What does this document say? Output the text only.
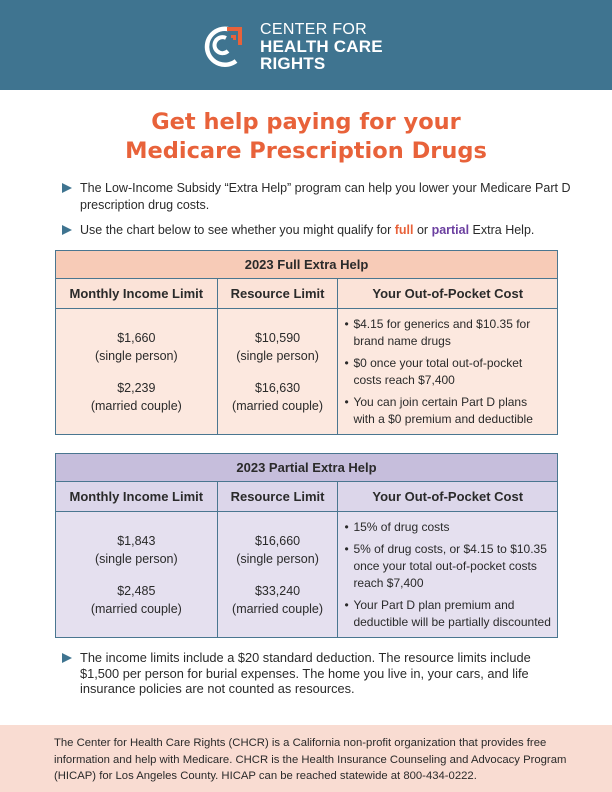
CENTER FOR
HEALTH CARE
RIGHTS
Get help paying for your
Medicare Prescription Drugs
The Low-Income Subsidy “Extra Help” program can help you lower your Medicare Part D prescription drug costs.
Use the chart below to see whether you might qualify for full or partial Extra Help.
2023 Full Extra Help		
Monthly Income Limit	Resource Limit	Your Out-of-Pocket Cost

$1,660
(single person)
$2,239
(married couple)

$10,590
(single person)
$16,630
(married couple)

• $4.15 for generics and $10.35 for brand name drugs
• $0 once your total out-of-pocket costs reach $7,400
• You can join certain Part D plans with a $0 premium and deductible
2023 Partial Extra Help		
Monthly Income Limit	Resource Limit	Your Out-of-Pocket Cost

$1,843
(single person)
$2,485
(married couple)

$16,660
(single person)
$33,240
(married couple)

• 15% of drug costs
• 5% of drug costs, or $4.15 to $10.35 once your total out-of-pocket costs reach $7,400
• Your Part D plan premium and deductible will be partially discounted
The income limits include a $20 standard deduction. The resource limits include $1,500 per person for burial expenses. The home you live in, your cars, and life insurance policies are not counted as resources.

The Center for Health Care Rights (CHCR) is a California non-profit organization that provides free information and help with Medicare. CHCR is the Health Insurance Counseling and Advocacy Program (HICAP) for Los Angeles County. HICAP can be reached statewide at 800-434-0222.
